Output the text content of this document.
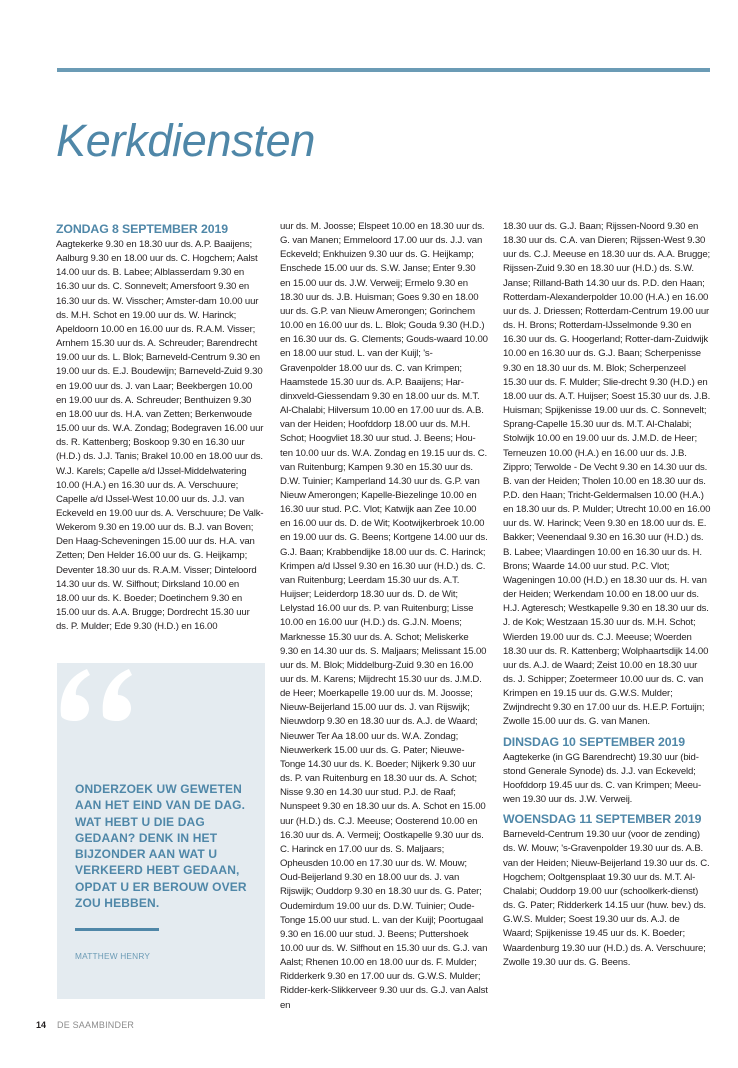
Kerkdiensten
ZONDAG 8 SEPTEMBER 2019

Aagtekerke 9.30 en 18.30 uur ds. A.P. Baaijens; Aalburg 9.30 en 18.00 uur ds. C. Hogchem; Aalst 14.00 uur ds. B. Labee; Alblasserdam 9.30 en 16.30 uur ds. C. Sonnevelt; Amersfoort 9.30 en 16.30 uur ds. W. Visscher; Amster-dam 10.00 uur ds. M.H. Schot en 19.00 uur ds. W. Harinck; Apeldoorn 10.00 en 16.00 uur ds. R.A.M. Visser; Arnhem 15.30 uur ds. A. Schreuder; Barendrecht 19.00 uur ds. L. Blok; Barneveld-Centrum 9.30 en 19.00 uur ds. E.J. Boudewijn; Barneveld-Zuid 9.30 en 19.00 uur ds. J. van Laar; Beekbergen 10.00 en 19.00 uur ds. A. Schreuder; Benthuizen 9.30 en 18.00 uur ds. H.A. van Zetten; Berkenwoude 15.00 uur ds. W.A. Zondag; Bodegraven 16.00 uur ds. R. Kattenberg; Boskoop 9.30 en 16.30 uur (H.D.) ds. J.J. Tanis; Brakel 10.00 en 18.00 uur ds. W.J. Karels; Capelle a/d IJssel-Middelwatering 10.00 (H.A.) en 16.30 uur ds. A. Verschuure; Capelle a/d IJssel-West 10.00 uur ds. J.J. van Eckeveld en 19.00 uur ds. A. Verschuure; De Valk-Wekerom 9.30 en 19.00 uur ds. B.J. van Boven; Den Haag-Scheveningen 15.00 uur ds. H.A. van Zetten; Den Helder 16.00 uur ds. G. Heijkamp; Deventer 18.30 uur ds. R.A.M. Visser; Dinteloord 14.30 uur ds. W. Silfhout; Dirksland 10.00 en 18.00 uur ds. K. Boeder; Doetinchem 9.30 en 15.00 uur ds. A.A. Brugge; Dordrecht 15.30 uur ds. P. Mulder; Ede 9.30 (H.D.) en 16.00

ONDERZOEK UW GEWETEN AAN HET EIND VAN DE DAG. WAT HEBT U DIE DAG GEDAAN? DENK IN HET BIJZONDER AAN WAT U VERKEERD HEBT GEDAAN, OPDAT U ER BEROUW OVER ZOU HEBBEN.

MATTHEW HENRY

uur ds. M. Joosse; Elspeet 10.00 en 18.30 uur ds. G. van Manen; Emmeloord 17.00 uur ds. J.J. van Eckeveld; Enkhuizen 9.30 uur ds. G. Heijkamp; Enschede 15.00 uur ds. S.W. Janse; Enter 9.30 en 15.00 uur ds. J.W. Verweij; Ermelo 9.30 en 18.30 uur ds. J.B. Huisman; Goes 9.30 en 18.00 uur ds. G.P. van Nieuw Amerongen; Gorinchem 10.00 en 16.00 uur ds. L. Blok; Gouda 9.30 (H.D.) en 16.30 uur ds. G. Clements; Gouds-waard 10.00 en 18.00 uur stud. L. van der Kuijl; 's-Gravenpolder 18.00 uur ds. C. van Krimpen; Haamstede 15.30 uur ds. A.P. Baaijens; Har-dinxveld-Giessendam 9.30 en 18.00 uur ds. M.T. Al-Chalabi; Hilversum 10.00 en 17.00 uur ds. A.B. van der Heiden; Hoofddorp 18.00 uur ds. M.H. Schot; Hoogvliet 18.30 uur stud. J. Beens; Hou-ten 10.00 uur ds. W.A. Zondag en 19.15 uur ds. C. van Ruitenburg; Kampen 9.30 en 15.30 uur ds. D.W. Tuinier; Kamperland 14.30 uur ds. G.P. van Nieuw Amerongen; Kapelle-Biezelinge 10.00 en 16.30 uur stud. P.C. Vlot; Katwijk aan Zee 10.00 en 16.00 uur ds. D. de Wit; Kootwijkerbroek 10.00 en 19.00 uur ds. G. Beens; Kortgene 14.00 uur ds. G.J. Baan; Krabbendijke 18.00 uur ds. C. Harinck; Krimpen a/d IJssel 9.30 en 16.30 uur (H.D.) ds. C. van Ruitenburg; Leerdam 15.30 uur ds. A.T. Huijser; Leiderdorp 18.30 uur ds. D. de Wit; Lelystad 16.00 uur ds. P. van Ruitenburg; Lisse 10.00 en 16.00 uur (H.D.) ds. G.J.N. Moens; Marknesse 15.30 uur ds. A. Schot; Meliskerke 9.30 en 14.30 uur ds. S. Maljaars; Melissant 15.00 uur ds. M. Blok; Middelburg-Zuid 9.30 en 16.00 uur ds. M. Karens; Mijdrecht 15.30 uur ds. J.M.D. de Heer; Moerkapelle 19.00 uur ds. M. Joosse; Nieuw-Beijerland 15.00 uur ds. J. van Rijswijk; Nieuwdorp 9.30 en 18.30 uur ds. A.J. de Waard; Nieuwer Ter Aa 18.00 uur ds. W.A. Zondag; Nieuwerkerk 15.00 uur ds. G. Pater; Nieuwe-Tonge 14.30 uur ds. K. Boeder; Nijkerk 9.30 uur ds. P. van Ruitenburg en 18.30 uur ds. A. Schot; Nisse 9.30 en 14.30 uur stud. P.J. de Raaf; Nunspeet 9.30 en 18.30 uur ds. A. Schot en 15.00 uur (H.D.) ds. C.J. Meeuse; Oosterend 10.00 en 16.30 uur ds. A. Vermeij; Oostkapelle 9.30 uur ds. C. Harinck en 17.00 uur ds. S. Maljaars; Opheusden 10.00 en 17.30 uur ds. W. Mouw; Oud-Beijerland 9.30 en 18.00 uur ds. J. van Rijswijk; Ouddorp 9.30 en 18.30 uur ds. G. Pater; Oudemirdum 19.00 uur ds. D.W. Tuinier; Oude-Tonge 15.00 uur stud. L. van der Kuijl; Poortugaal 9.30 en 16.00 uur stud. J. Beens; Puttershoek 10.00 uur ds. W. Silfhout en 15.30 uur ds. G.J. van Aalst; Rhenen 10.00 en 18.00 uur ds. F. Mulder; Ridderkerk 9.30 en 17.00 uur ds. G.W.S. Mulder; Ridder-kerk-Slikkerveer 9.30 uur ds. G.J. van Aalst en

18.30 uur ds. G.J. Baan; Rijssen-Noord 9.30 en 18.30 uur ds. C.A. van Dieren; Rijssen-West 9.30 uur ds. C.J. Meeuse en 18.30 uur ds. A.A. Brugge; Rijssen-Zuid 9.30 en 18.30 uur (H.D.) ds. S.W. Janse; Rilland-Bath 14.30 uur ds. P.D. den Haan; Rotterdam-Alexanderpolder 10.00 (H.A.) en 16.00 uur ds. J. Driessen; Rotterdam-Centrum 19.00 uur ds. H. Brons; Rotterdam-IJsselmonde 9.30 en 16.30 uur ds. G. Hoogerland; Rotter-dam-Zuidwijk 10.00 en 16.30 uur ds. G.J. Baan; Scherpenisse 9.30 en 18.30 uur ds. M. Blok; Scherpenzeel 15.30 uur ds. F. Mulder; Slie-drecht 9.30 (H.D.) en 18.00 uur ds. A.T. Huijser; Soest 15.30 uur ds. J.B. Huisman; Spijkenisse 19.00 uur ds. C. Sonnevelt; Sprang-Capelle 15.30 uur ds. M.T. Al-Chalabi; Stolwijk 10.00 en 19.00 uur ds. J.M.D. de Heer; Terneuzen 10.00 (H.A.) en 16.00 uur ds. J.B. Zippro; Terwolde - De Vecht 9.30 en 14.30 uur ds. B. van der Heiden; Tholen 10.00 en 18.30 uur ds. P.D. den Haan; Tricht-Geldermalsen 10.00 (H.A.) en 18.30 uur ds. P. Mulder; Utrecht 10.00 en 16.00 uur ds. W. Harinck; Veen 9.30 en 18.00 uur ds. E. Bakker; Veenendaal 9.30 en 16.30 uur (H.D.) ds. B. Labee; Vlaardingen 10.00 en 16.30 uur ds. H. Brons; Waarde 14.00 uur stud. P.C. Vlot; Wageningen 10.00 (H.D.) en 18.30 uur ds. H. van der Heiden; Werkendam 10.00 en 18.00 uur ds. H.J. Agteresch; Westkapelle 9.30 en 18.30 uur ds. J. de Kok; Westzaan 15.30 uur ds. M.H. Schot; Wierden 19.00 uur ds. C.J. Meeuse; Woerden 18.30 uur ds. R. Kattenberg; Wolphaartsdijk 14.00 uur ds. A.J. de Waard; Zeist 10.00 en 18.30 uur ds. J. Schipper; Zoetermeer 10.00 uur ds. C. van Krimpen en 19.15 uur ds. G.W.S. Mulder; Zwijndrecht 9.30 en 17.00 uur ds. H.E.P. Fortuijn; Zwolle 15.00 uur ds. G. van Manen.

DINSDAG 10 SEPTEMBER 2019

Aagtekerke (in GG Barendrecht) 19.30 uur (bid-stond Generale Synode) ds. J.J. van Eckeveld; Hoofddorp 19.45 uur ds. C. van Krimpen; Meeu-wen 19.30 uur ds. J.W. Verweij.

WOENSDAG 11 SEPTEMBER 2019

Barneveld-Centrum 19.30 uur (voor de zending) ds. W. Mouw; 's-Gravenpolder 19.30 uur ds. A.B. van der Heiden; Nieuw-Beijerland 19.30 uur ds. C. Hogchem; Ooltgensplaat 19.30 uur ds. M.T. Al-Chalabi; Ouddorp 19.00 uur (schoolkerk-dienst) ds. G. Pater; Ridderkerk 14.15 uur (huw. bev.) ds. G.W.S. Mulder; Soest 19.30 uur ds. A.J. de Waard; Spijkenisse 19.45 uur ds. K. Boeder; Waardenburg 19.30 uur (H.D.) ds. A. Verschuure; Zwolle 19.30 uur ds. G. Beens.

14 DE SAAMBINDER
